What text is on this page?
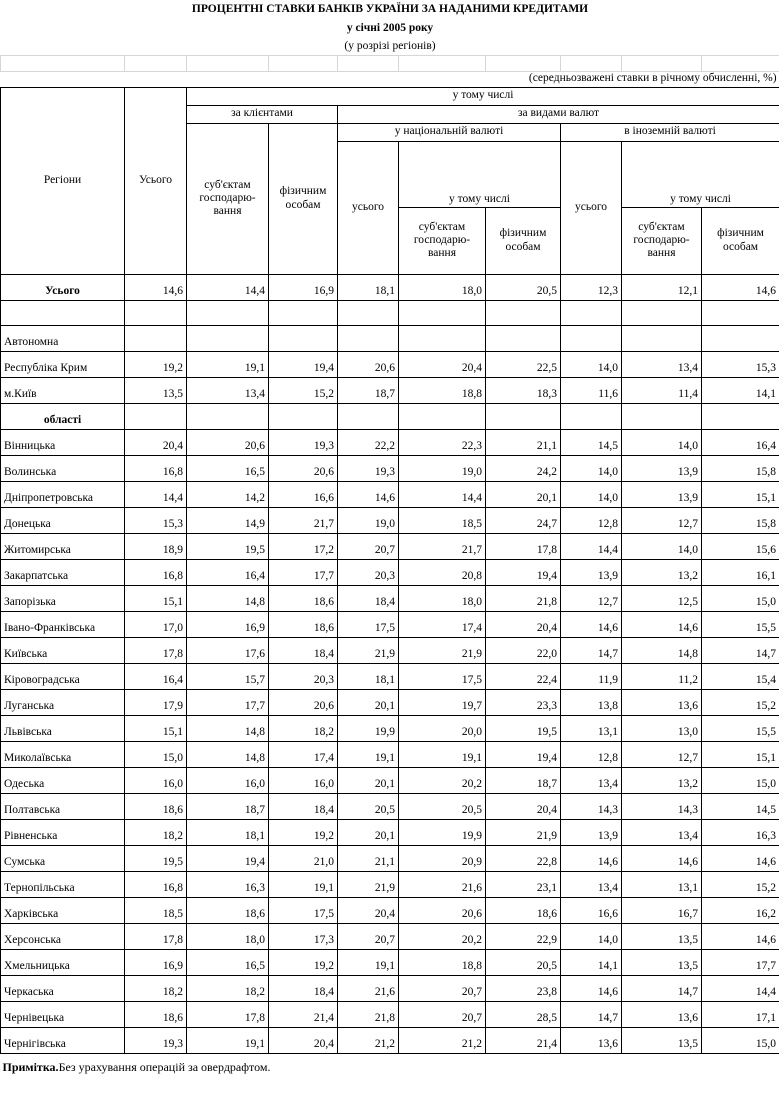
ПРОЦЕНТНІ СТАВКИ БАНКІВ УКРАЇНИ ЗА НАДАНИМИ КРЕДИТАМИ									
у січні 2005 року									
(у розрізі регіонів)									

(середньозважені ставки в річному обчисленні, %)									
Регіони	Усього	у тому числі							
		за клієнтами		за видами валют					
		суб'єктам господарю-вання	фізичним особам	у національній валюті			в іноземній валюті		
				усього	у тому числі		усього	у тому числі	
					суб'єктам господарю-вання	фізичним особам		суб'єктам господарю-вання	фізичним особам
Усього	14,6	14,4	16,9	18,1	18,0	20,5	12,3	12,1	14,6

Автономна									
Республіка Крим	19,2	19,1	19,4	20,6	20,4	22,5	14,0	13,4	15,3
м.Київ	13,5	13,4	15,2	18,7	18,8	18,3	11,6	11,4	14,1
області									
Вінницька	20,4	20,6	19,3	22,2	22,3	21,1	14,5	14,0	16,4
Волинська	16,8	16,5	20,6	19,3	19,0	24,2	14,0	13,9	15,8
Дніпропетровська	14,4	14,2	16,6	14,6	14,4	20,1	14,0	13,9	15,1
Донецька	15,3	14,9	21,7	19,0	18,5	24,7	12,8	12,7	15,8
Житомирська	18,9	19,5	17,2	20,7	21,7	17,8	14,4	14,0	15,6
Закарпатська	16,8	16,4	17,7	20,3	20,8	19,4	13,9	13,2	16,1
Запорізька	15,1	14,8	18,6	18,4	18,0	21,8	12,7	12,5	15,0
Івано-Франківська	17,0	16,9	18,6	17,5	17,4	20,4	14,6	14,6	15,5
Київська	17,8	17,6	18,4	21,9	21,9	22,0	14,7	14,8	14,7
Кіровоградська	16,4	15,7	20,3	18,1	17,5	22,4	11,9	11,2	15,4
Луганська	17,9	17,7	20,6	20,1	19,7	23,3	13,8	13,6	15,2
Львівська	15,1	14,8	18,2	19,9	20,0	19,5	13,1	13,0	15,5
Миколаївська	15,0	14,8	17,4	19,1	19,1	19,4	12,8	12,7	15,1
Одеська	16,0	16,0	16,0	20,1	20,2	18,7	13,4	13,2	15,0
Полтавська	18,6	18,7	18,4	20,5	20,5	20,4	14,3	14,3	14,5
Рівненська	18,2	18,1	19,2	20,1	19,9	21,9	13,9	13,4	16,3
Сумська	19,5	19,4	21,0	21,1	20,9	22,8	14,6	14,6	14,6
Тернопільська	16,8	16,3	19,1	21,9	21,6	23,1	13,4	13,1	15,2
Харківська	18,5	18,6	17,5	20,4	20,6	18,6	16,6	16,7	16,2
Херсонська	17,8	18,0	17,3	20,7	20,2	22,9	14,0	13,5	14,6
Хмельницька	16,9	16,5	19,2	19,1	18,8	20,5	14,1	13,5	17,7
Черкаська	18,2	18,2	18,4	21,6	20,7	23,8	14,6	14,7	14,4
Чернівецька	18,6	17,8	21,4	21,8	20,7	28,5	14,7	13,6	17,1
Чернігівська	19,3	19,1	20,4	21,2	21,2	21,4	13,6	13,5	15,0
Примітка.Без урахування операцій за овердрафтом.									
